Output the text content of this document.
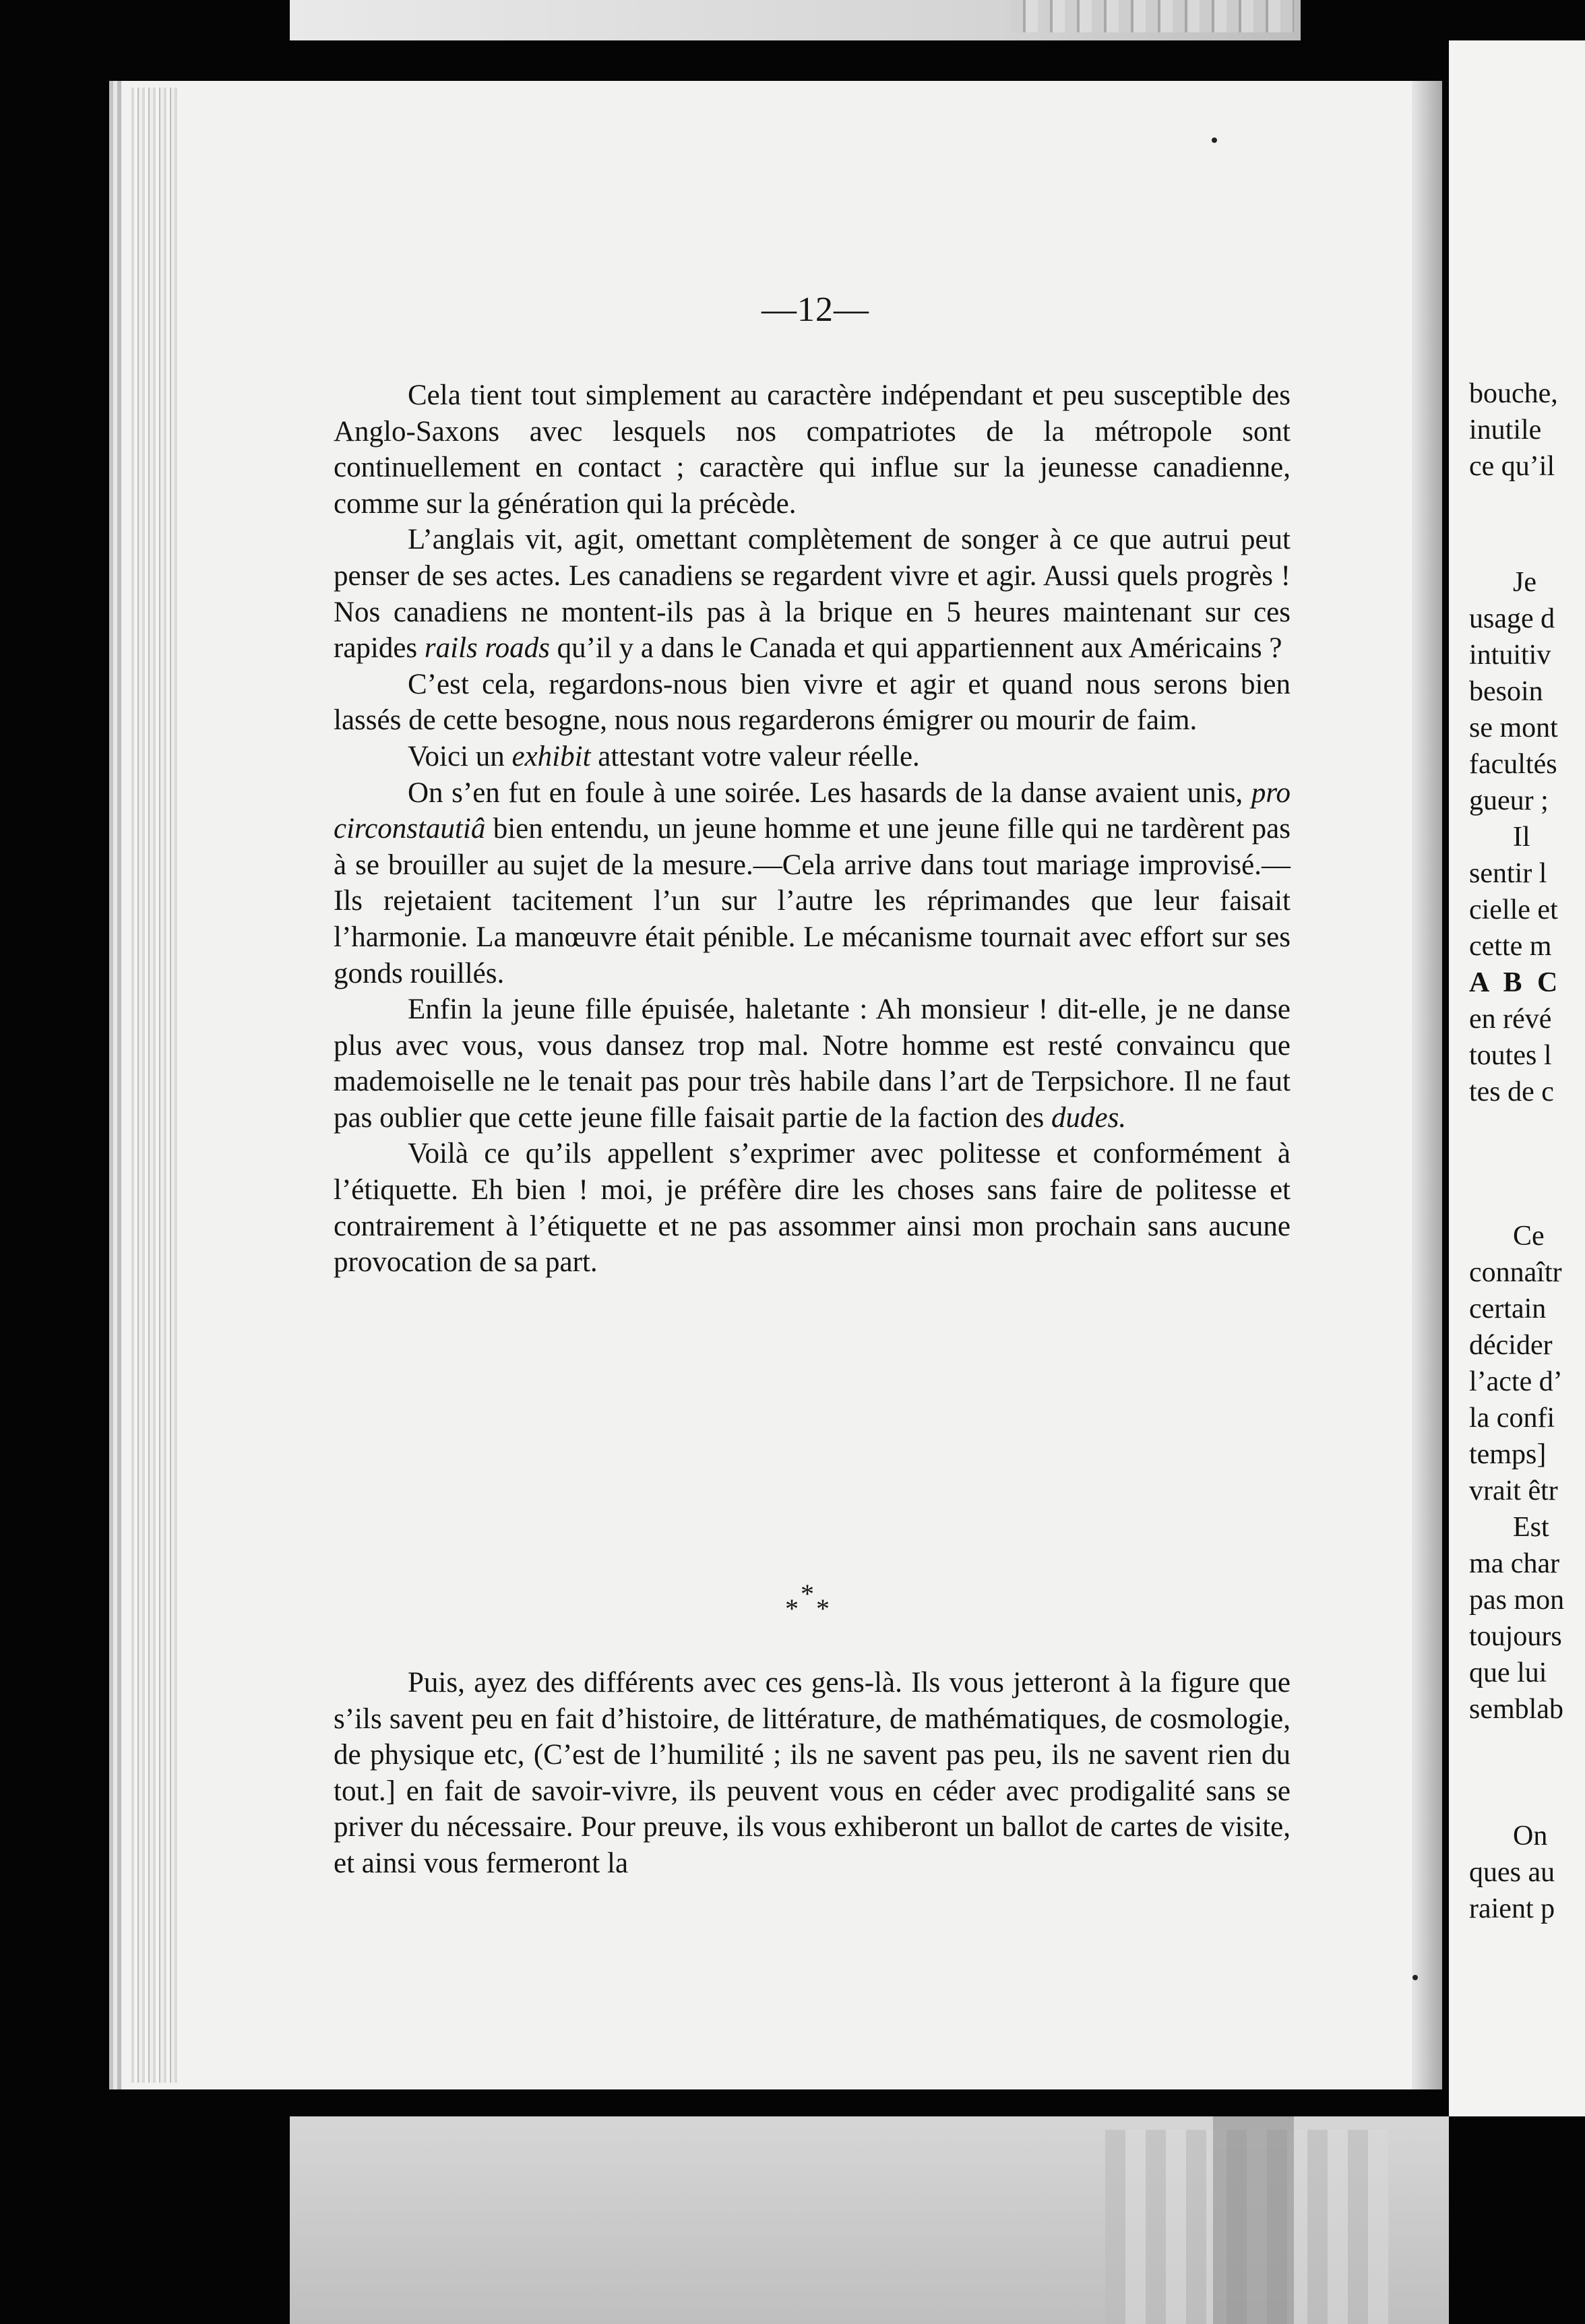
—12—

Cela tient tout simplement au caractère indépendant et peu susceptible des Anglo-Saxons avec lesquels nos compatriotes de la métropole sont continuellement en contact ; caractère qui influe sur la jeunesse canadienne, comme sur la génération qui la précède.

L’anglais vit, agit, omettant complètement de songer à ce que autrui peut penser de ses actes. Les canadiens se regardent vivre et agir. Aussi quels progrès ! Nos canadiens ne montent-ils pas à la brique en 5 heures maintenant sur ces rapides rails roads qu’il y a dans le Canada et qui appartiennent aux Américains ?

C’est cela, regardons-nous bien vivre et agir et quand nous serons bien lassés de cette besogne, nous nous regarderons émigrer ou mourir de faim.

Voici un exhibit attestant votre valeur réelle.

On s’en fut en foule à une soirée. Les hasards de la danse avaient unis, pro circonstautiâ bien entendu, un jeune homme et une jeune fille qui ne tardèrent pas à se brouiller au sujet de la mesure.—Cela arrive dans tout mariage improvisé.— Ils rejetaient tacitement l’un sur l’autre les réprimandes que leur faisait l’harmonie. La manœuvre était pénible. Le mécanisme tournait avec effort sur ses gonds rouillés.

Enfin la jeune fille épuisée, haletante : Ah monsieur ! dit-elle, je ne danse plus avec vous, vous dansez trop mal. Notre homme est resté convaincu que mademoiselle ne le tenait pas pour très habile dans l’art de Terpsichore. Il ne faut pas oublier que cette jeune fille faisait partie de la faction des dudes.

Voilà ce qu’ils appellent s’exprimer avec politesse et conformément à l’étiquette. Eh bien ! moi, je préfère dire les choses sans faire de politesse et contrairement à l’étiquette et ne pas assommer ainsi mon prochain sans aucune provocation de sa part.

*
* *

Puis, ayez des différents avec ces gens-là. Ils vous jetteront à la figure que s’ils savent peu en fait d’histoire, de littérature, de mathématiques, de cosmologie, de physique etc, (C’est de l’humilité ; ils ne savent pas peu, ils ne savent rien du tout.] en fait de savoir-vivre, ils peuvent vous en céder avec prodigalité sans se priver du nécessaire. Pour preuve, ils vous exhiberont un ballot de cartes de visite, et ainsi vous fermeront la

bouche,
inutile
ce qu’il
Je
usage d
intuitiv
besoin
se mont
facultés
gueur ;
Il
sentir l
cielle et
cette m
A B C
en révé
toutes l
tes de c
Ce
connaîtr
certain
décider
l’acte d’
la confi
temps]
vrait êtr
Est
ma char
pas mon
toujours
que lui
semblab
On
ques au
raient p
